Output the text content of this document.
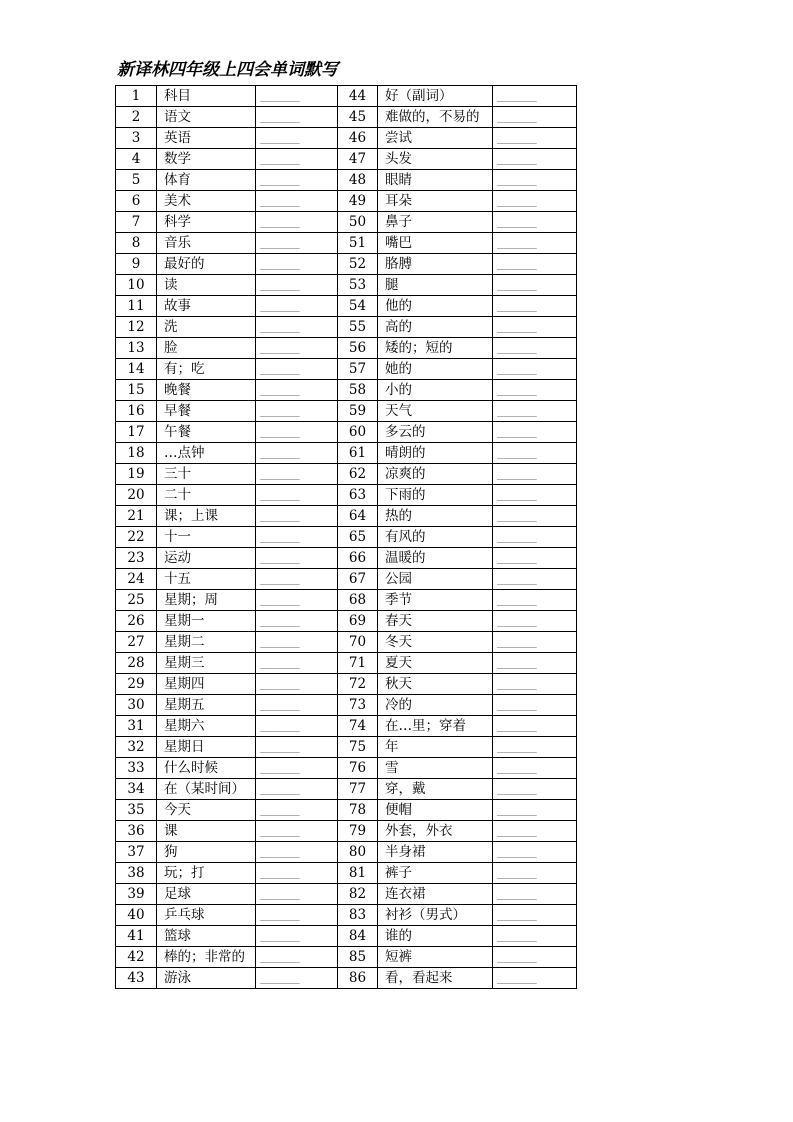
新译林四年级上四会单词默写
1	科目	______	44	好（副词）	______
2	语文	______	45	难做的，不易的	______
3	英语	______	46	尝试	______
4	数学	______	47	头发	______
5	体育	______	48	眼睛	______
6	美术	______	49	耳朵	______
7	科学	______	50	鼻子	______
8	音乐	______	51	嘴巴	______
9	最好的	______	52	胳膊	______
10	读	______	53	腿	______
11	故事	______	54	他的	______
12	洗	______	55	高的	______
13	脸	______	56	矮的；短的	______
14	有；吃	______	57	她的	______
15	晚餐	______	58	小的	______
16	早餐	______	59	天气	______
17	午餐	______	60	多云的	______
18	…点钟	______	61	晴朗的	______
19	三十	______	62	凉爽的	______
20	二十	______	63	下雨的	______
21	课；上课	______	64	热的	______
22	十一	______	65	有风的	______
23	运动	______	66	温暖的	______
24	十五	______	67	公园	______
25	星期；周	______	68	季节	______
26	星期一	______	69	春天	______
27	星期二	______	70	冬天	______
28	星期三	______	71	夏天	______
29	星期四	______	72	秋天	______
30	星期五	______	73	冷的	______
31	星期六	______	74	在…里；穿着	______
32	星期日	______	75	年	______
33	什么时候	______	76	雪	______
34	在（某时间）	______	77	穿，戴	______
35	今天	______	78	便帽	______
36	课	______	79	外套，外衣	______
37	狗	______	80	半身裙	______
38	玩；打	______	81	裤子	______
39	足球	______	82	连衣裙	______
40	乒乓球	______	83	衬衫（男式）	______
41	篮球	______	84	谁的	______
42	棒的；非常的	______	85	短裤	______
43	游泳	______	86	看，看起来	______
